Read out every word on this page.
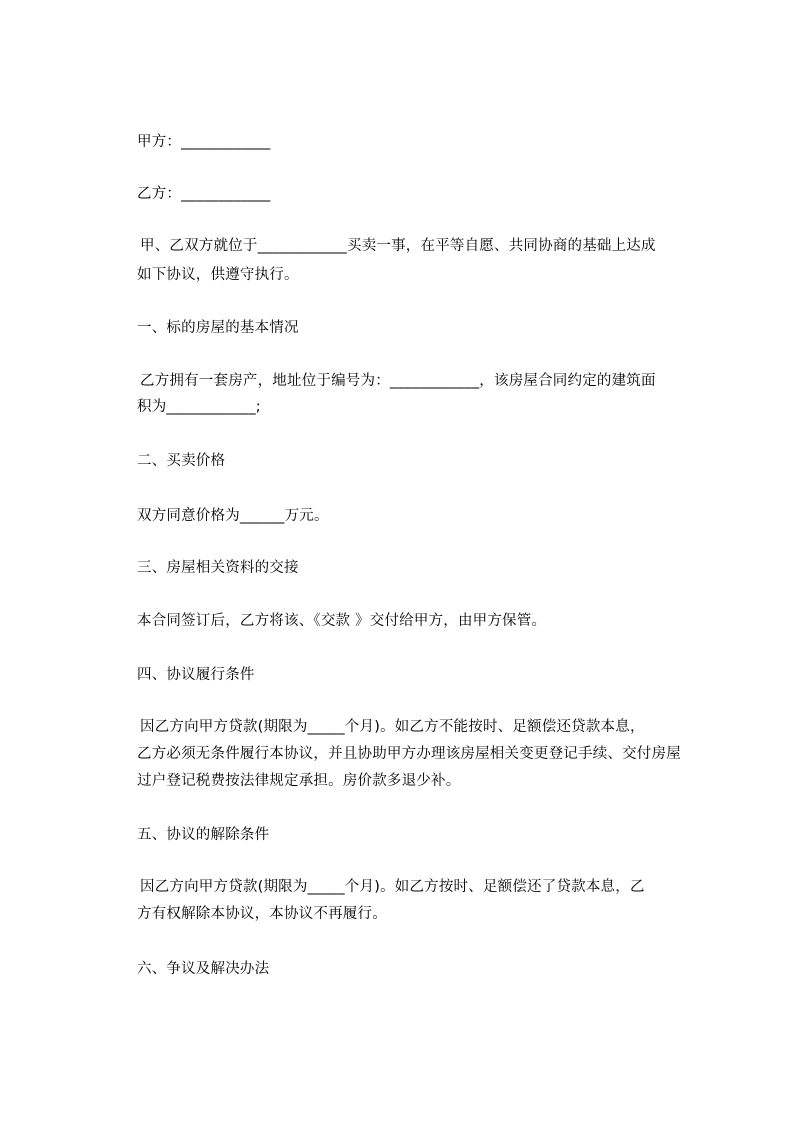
甲方：____________
乙方：____________
甲、乙双方就位于____________买卖一事，在平等自愿、共同协商的基础上达成
如下协议，供遵守执行。
一、标的房屋的基本情况
乙方拥有一套房产，地址位于编号为：____________，该房屋合同约定的建筑面
积为____________;
二、买卖价格
双方同意价格为______万元。
三、房屋相关资料的交接
本合同签订后，乙方将该、《交款 》交付给甲方，由甲方保管。
四、协议履行条件
因乙方向甲方贷款(期限为_____个月)。如乙方不能按时、足额偿还贷款本息，
乙方必须无条件履行本协议，并且协助甲方办理该房屋相关变更登记手续、交付房屋
过户登记税费按法律规定承担。房价款多退少补。
五、协议的解除条件
因乙方向甲方贷款(期限为_____个月)。如乙方按时、足额偿还了贷款本息，乙
方有权解除本协议，本协议不再履行。
六、争议及解决办法
